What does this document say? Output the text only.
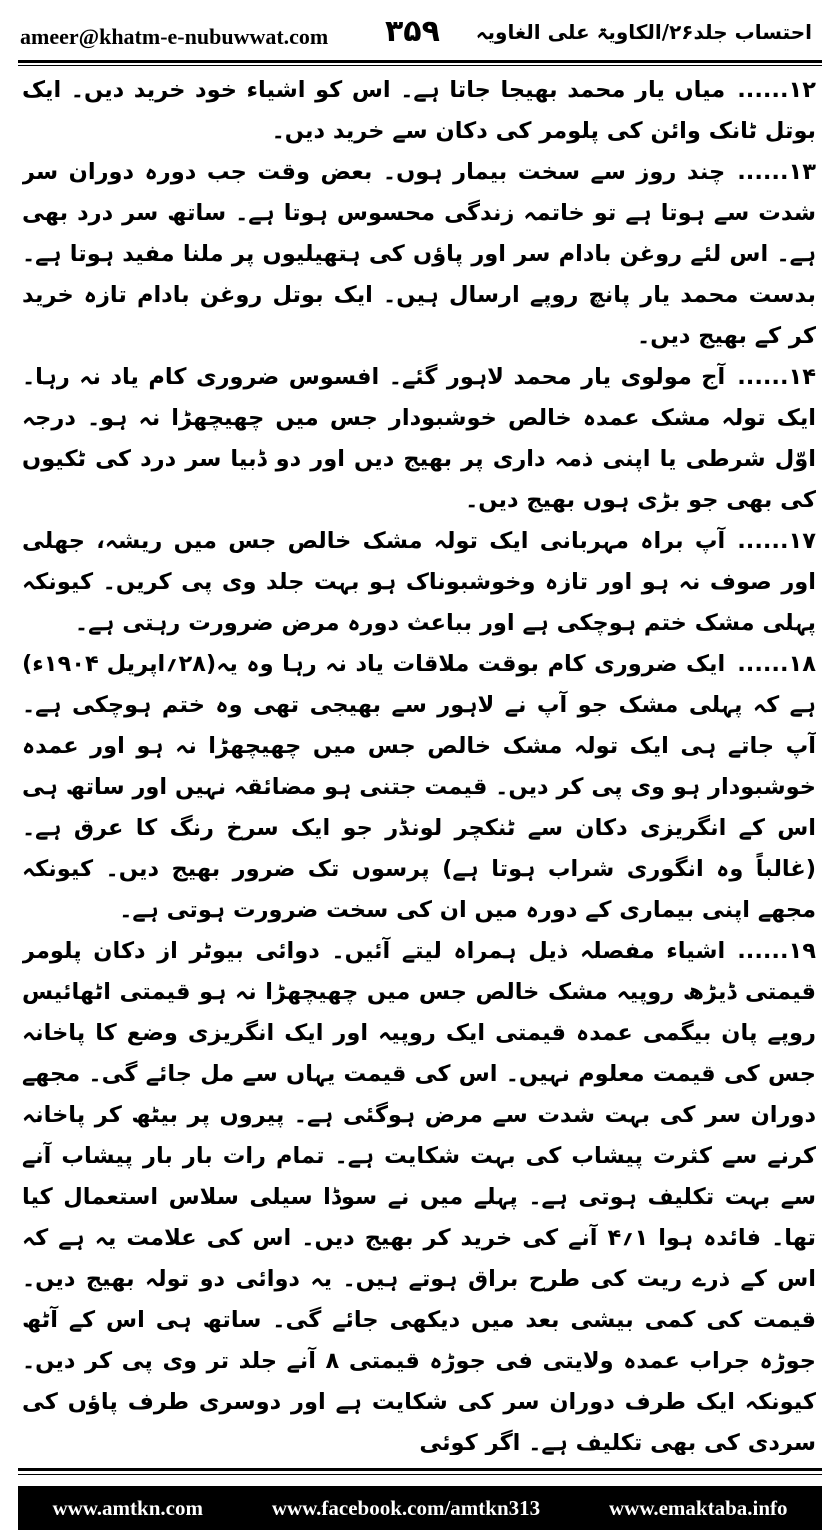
ameer@khatm-e-nubuwwat.com ۳۵۹ احتساب جلد۲۶/الکاویۃ علی الغاویہ

۱۲......میاں یار محمد بھیجا جاتا ہے۔ اس کو اشیاء خود خرید دیں۔ ایک بوتل ٹانک وائن کی پلومر کی دکان سے خرید دیں۔

۱۳......چند روز سے سخت بیمار ہوں۔ بعض وقت جب دورہ دوران سر شدت سے ہوتا ہے تو خاتمہ زندگی محسوس ہوتا ہے۔ ساتھ سر درد بھی ہے۔ اس لئے روغن بادام سر اور پاؤں کی ہتھیلیوں پر ملنا مفید ہوتا ہے۔ بدست محمد یار پانچ روپے ارسال ہیں۔ ایک بوتل روغن بادام تازہ خرید کر کے بھیج دیں۔

۱۴......آج مولوی یار محمد لاہور گئے۔ افسوس ضروری کام یاد نہ رہا۔ ایک تولہ مشک عمدہ خالص خوشبودار جس میں چھیچھڑا نہ ہو۔ درجہ اوّل شرطی یا اپنی ذمہ داری پر بھیج دیں اور دو ڈبیا سر درد کی ٹکیوں کی بھی جو بڑی ہوں بھیج دیں۔

۱۷......آپ براہ مہربانی ایک تولہ مشک خالص جس میں ریشہ، جھلی اور صوف نہ ہو اور تازہ وخوشبوناک ہو بہت جلد وی پی کریں۔ کیونکہ پہلی مشک ختم ہوچکی ہے اور بباعث دورہ مرض ضرورت رہتی ہے۔
(۲۸؍اپریل ۱۹۰۴ء)	۱۸......ایک ضروری کام بوقت ملاقات یاد نہ رہا وہ یہ ہے کہ پہلی مشک جو آپ نے لاہور سے بھیجی تھی وہ ختم ہوچکی ہے۔ آپ جاتے ہی ایک تولہ مشک خالص جس میں چھیچھڑا نہ ہو اور عمدہ خوشبودار ہو وی پی کر دیں۔ قیمت جتنی ہو مضائقہ نہیں اور ساتھ ہی اس کے انگریزی دکان سے ٹنکچر لونڈر جو ایک سرخ رنگ کا عرق ہے۔ (غالباً وہ انگوری شراب ہوتا ہے) پرسوں تک ضرور بھیج دیں۔ کیونکہ مجھے اپنی بیماری کے دورہ میں ان کی سخت ضرورت ہوتی ہے۔

۱۹......اشیاء مفصلہ ذیل ہمراہ لیتے آئیں۔ دوائی بیوٹر از دکان پلومر قیمتی ڈیڑھ روپیہ مشک خالص جس میں چھیچھڑا نہ ہو قیمتی اٹھائیس روپے پان بیگمی عمدہ قیمتی ایک روپیہ اور ایک انگریزی وضع کا پاخانہ جس کی قیمت معلوم نہیں۔ اس کی قیمت یہاں سے مل جائے گی۔ مجھے دوران سر کی بہت شدت سے مرض ہوگئی ہے۔ پیروں پر بیٹھ کر پاخانہ کرنے سے کثرت پیشاب کی بہت شکایت ہے۔ تمام رات بار بار پیشاب آنے سے بہت تکلیف ہوتی ہے۔ پہلے میں نے سوڈا سیلی سلاس استعمال کیا تھا۔ فائدہ ہوا ۱؍۴ آنے کی خرید کر بھیج دیں۔ اس کی علامت یہ ہے کہ اس کے ذرے ریت کی طرح براق ہوتے ہیں۔ یہ دوائی دو تولہ بھیج دیں۔ قیمت کی کمی بیشی بعد میں دیکھی جائے گی۔ ساتھ ہی اس کے آٹھ جوڑہ جراب عمدہ ولایتی فی جوڑہ قیمتی ۸ آنے جلد تر وی پی کر دیں۔ کیونکہ ایک طرف دوران سر کی شکایت ہے اور دوسری طرف پاؤں کی سردی کی بھی تکلیف ہے۔ اگر کوئی

www.amtkn.com	www.facebook.com/amtkn313	www.emaktaba.info
